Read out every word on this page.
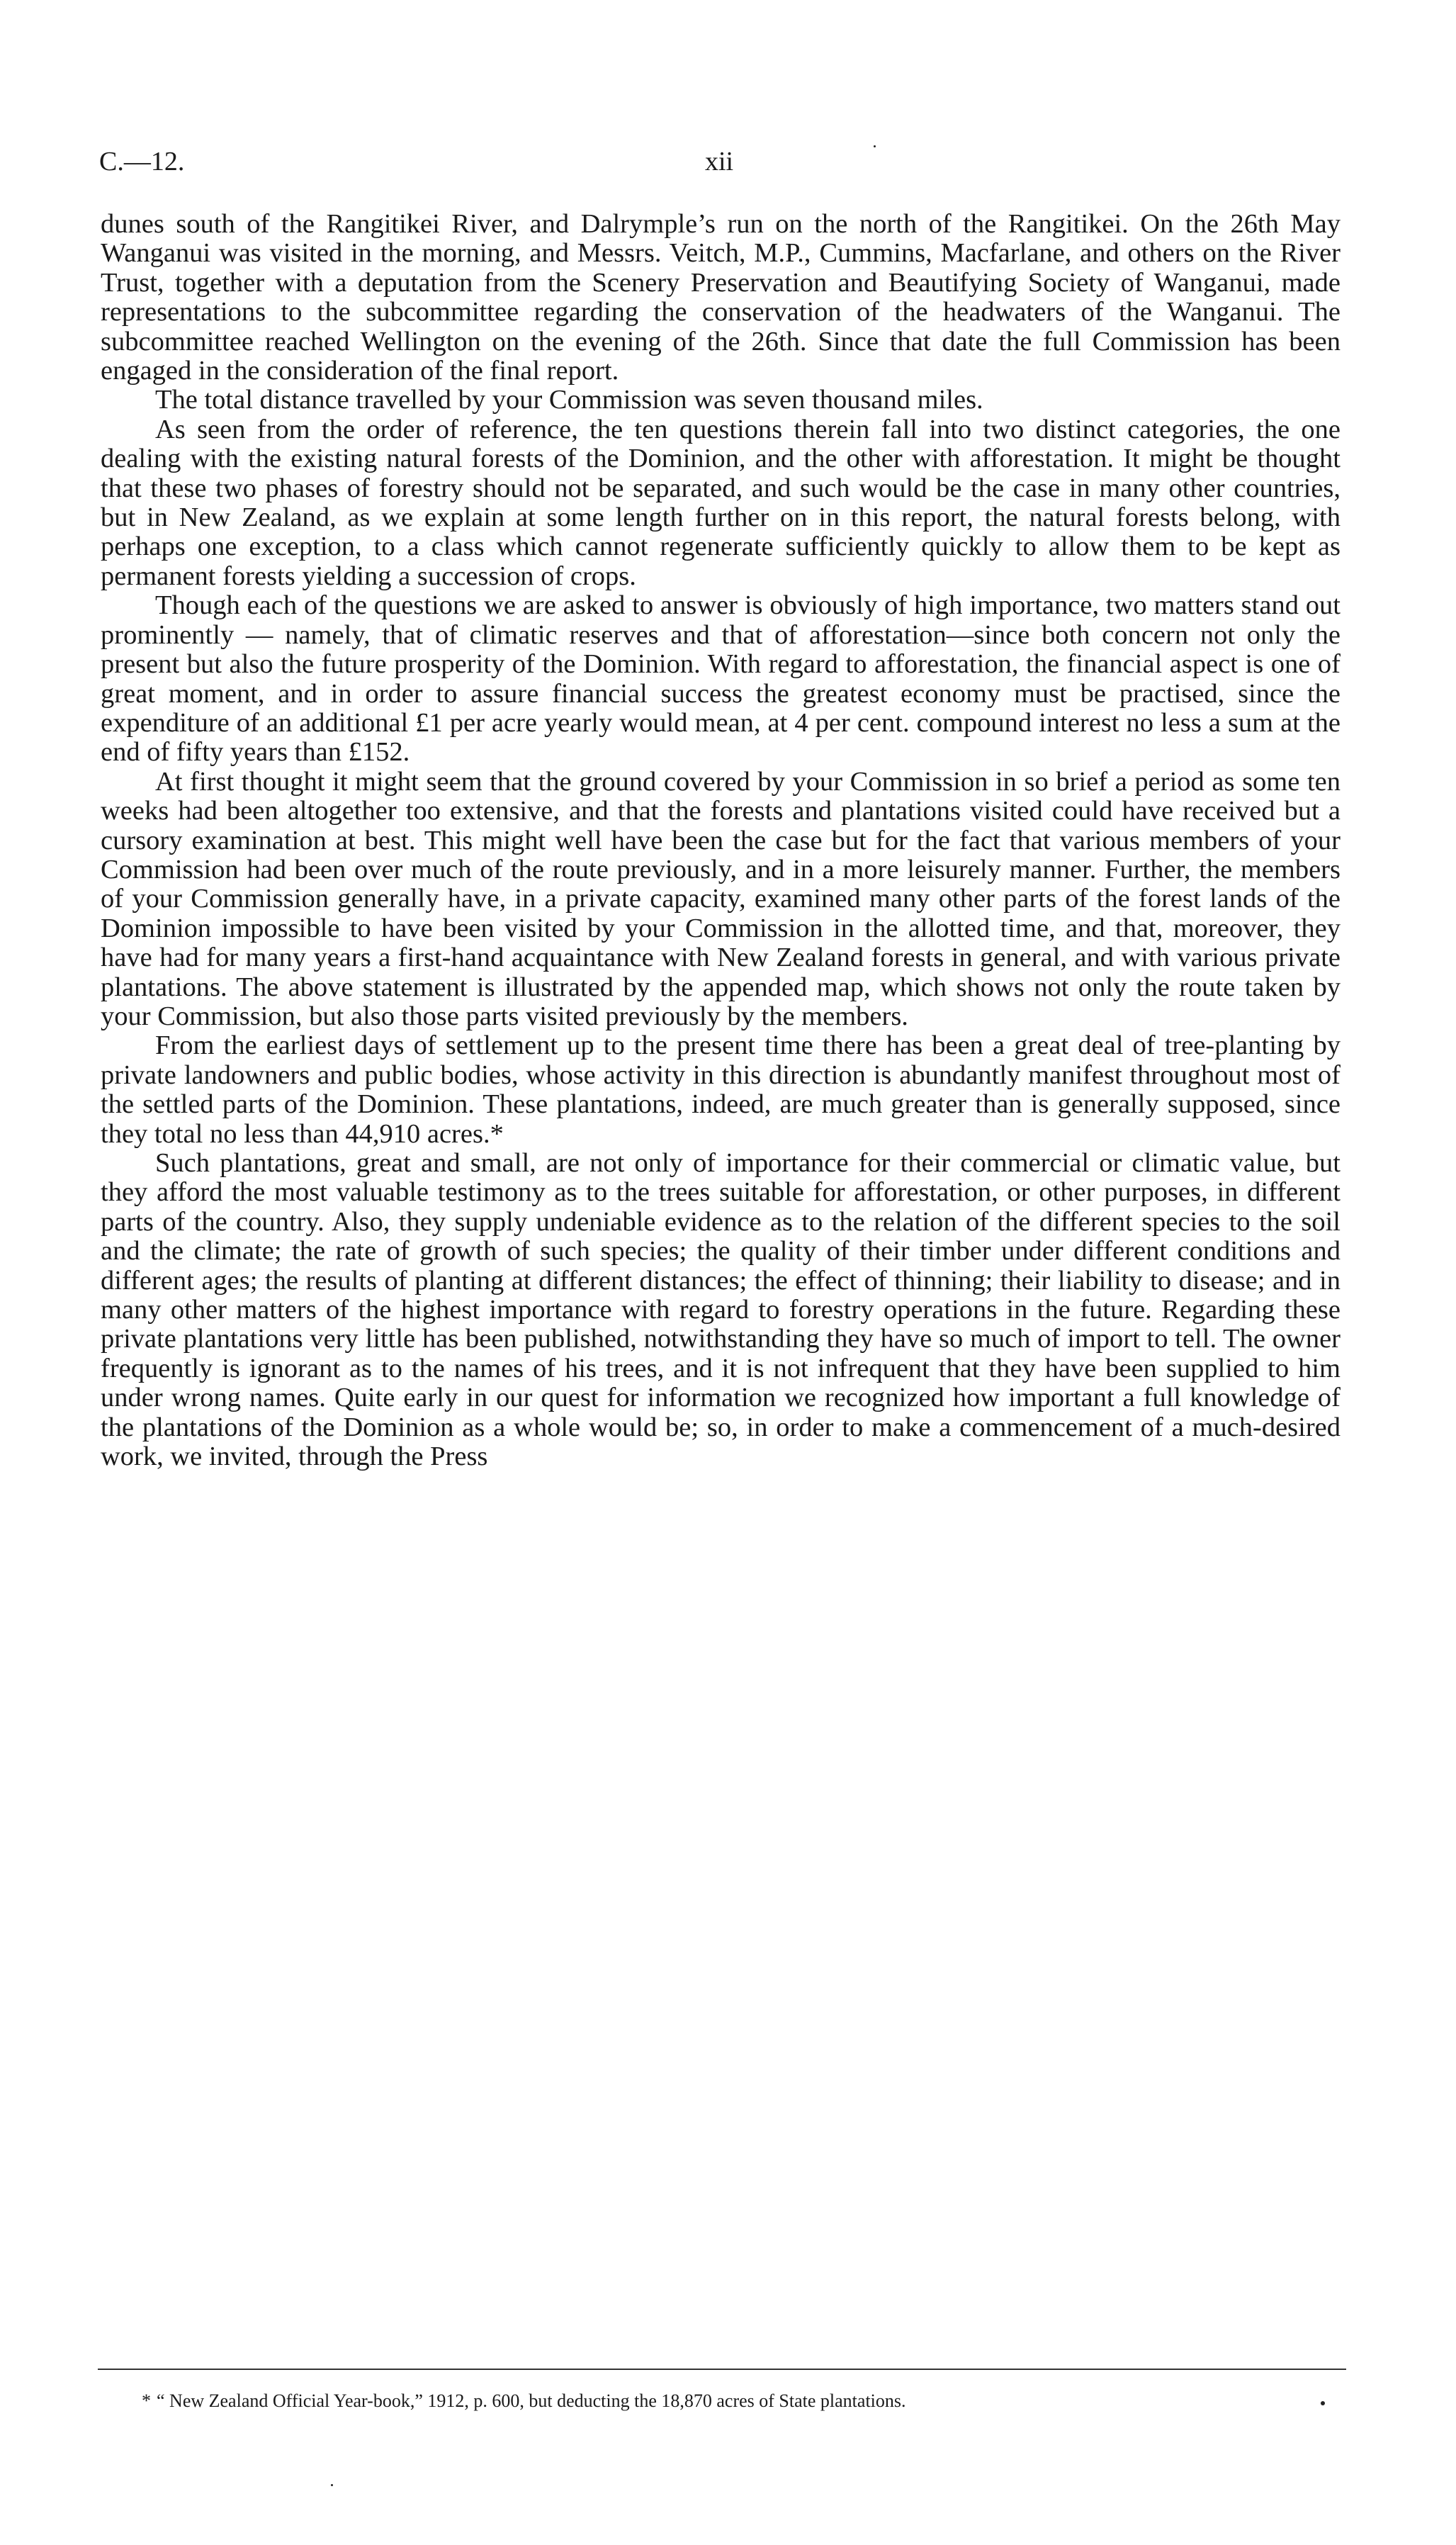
C.—12.	xii

dunes south of the Rangitikei River, and Dalrymple’s run on the north of the Rangitikei. On the 26th May Wanganui was visited in the morning, and Messrs. Veitch, M.P., Cummins, Macfarlane, and others on the River Trust, together with a deputation from the Scenery Preservation and Beautifying Society of Wanganui, made representations to the subcommittee regarding the conservation of the headwaters of the Wanganui. The subcommittee reached Wellington on the evening of the 26th. Since that date the full Commission has been engaged in the consideration of the final report.

The total distance travelled by your Commission was seven thousand miles.

As seen from the order of reference, the ten questions therein fall into two distinct categories, the one dealing with the existing natural forests of the Dominion, and the other with afforestation. It might be thought that these two phases of forestry should not be separated, and such would be the case in many other countries, but in New Zealand, as we explain at some length further on in this report, the natural forests belong, with perhaps one exception, to a class which cannot regenerate sufficiently quickly to allow them to be kept as permanent forests yielding a succession of crops.

Though each of the questions we are asked to answer is obviously of high importance, two matters stand out prominently — namely, that of climatic reserves and that of afforestation—since both concern not only the present but also the future prosperity of the Dominion. With regard to afforestation, the financial aspect is one of great moment, and in order to assure financial success the greatest economy must be practised, since the expenditure of an additional £1 per acre yearly would mean, at 4 per cent. compound interest no less a sum at the end of fifty years than £152.

At first thought it might seem that the ground covered by your Commission in so brief a period as some ten weeks had been altogether too extensive, and that the forests and plantations visited could have received but a cursory examination at best. This might well have been the case but for the fact that various members of your Commission had been over much of the route previously, and in a more leisurely manner. Further, the members of your Commission generally have, in a private capacity, examined many other parts of the forest lands of the Dominion impossible to have been visited by your Commission in the allotted time, and that, moreover, they have had for many years a first-hand acquaintance with New Zealand forests in general, and with various private plantations. The above statement is illustrated by the appended map, which shows not only the route taken by your Commission, but also those parts visited previously by the members.

From the earliest days of settlement up to the present time there has been a great deal of tree-planting by private landowners and public bodies, whose activity in this direction is abundantly manifest throughout most of the settled parts of the Dominion. These plantations, indeed, are much greater than is generally supposed, since they total no less than 44,910 acres.*

Such plantations, great and small, are not only of importance for their commercial or climatic value, but they afford the most valuable testimony as to the trees suitable for afforestation, or other purposes, in different parts of the country. Also, they supply undeniable evidence as to the relation of the different species to the soil and the climate; the rate of growth of such species; the quality of their timber under different conditions and different ages; the results of planting at different distances; the effect of thinning; their liability to disease; and in many other matters of the highest importance with regard to forestry operations in the future. Regarding these private plantations very little has been published, notwithstanding they have so much of import to tell. The owner frequently is ignorant as to the names of his trees, and it is not infrequent that they have been supplied to him under wrong names. Quite early in our quest for information we recognized how important a full knowledge of the plantations of the Dominion as a whole would be; so, in order to make a commencement of a much-desired work, we invited, through the Press

* “ New Zealand Official Year-book,” 1912, p. 600, but deducting the 18,870 acres of State plantations.
